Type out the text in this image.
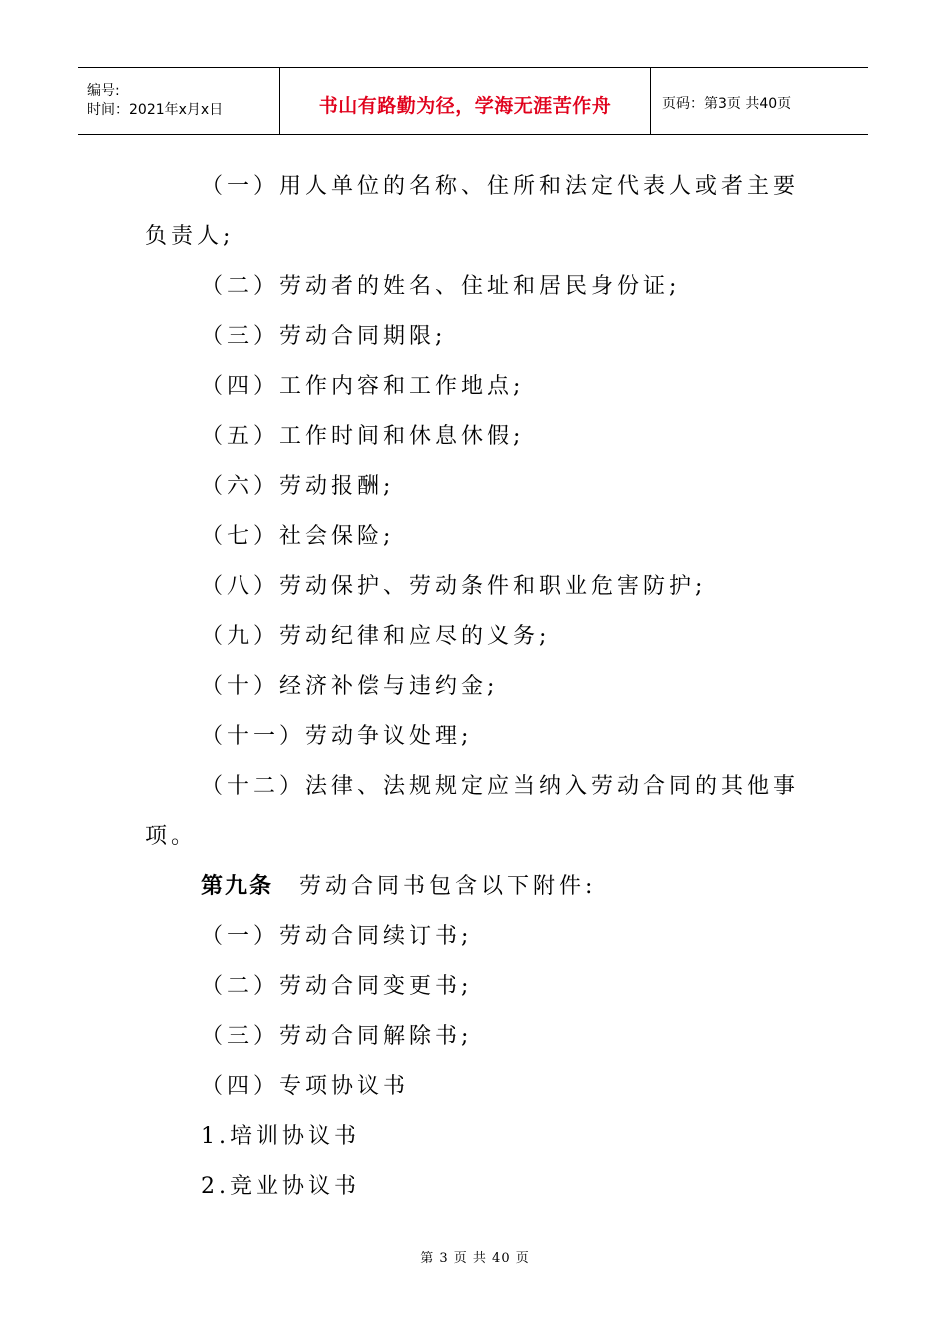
编号:
时间：2021年x月x日	书山有路勤为径，学海无涯苦作舟	页码：第3页 共40页
（一）用人单位的名称、住所和法定代表人或者主要
负责人;
（二）劳动者的姓名、住址和居民身份证;
（三）劳动合同期限;
（四）工作内容和工作地点;
（五）工作时间和休息休假;
（六）劳动报酬;
（七）社会保险;
（八）劳动保护、劳动条件和职业危害防护;
（九）劳动纪律和应尽的义务;
（十）经济补偿与违约金;
（十一）劳动争议处理;
（十二）法律、法规规定应当纳入劳动合同的其他事
项。
第九条 劳动合同书包含以下附件:
（一）劳动合同续订书;
（二）劳动合同变更书;
（三）劳动合同解除书;
（四）专项协议书
1.培训协议书
2.竞业协议书
第 3 页 共 40 页
